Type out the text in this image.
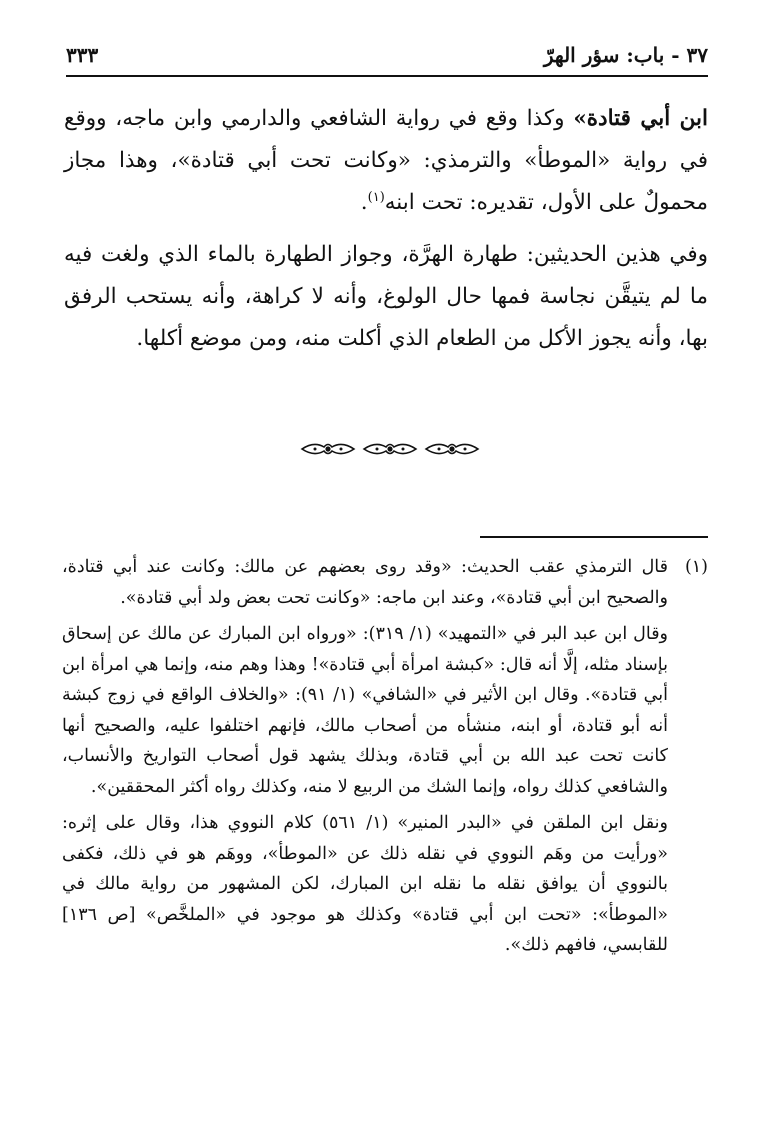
٣٧ - باب: سؤر الهرّ
٣٣٣

ابن أبي قتادة» وكذا وقع في رواية الشافعي والدارمي وابن ماجه، ووقع في رواية «الموطأ» والترمذي: «وكانت تحت أبي قتادة»، وهذا مجاز محمولٌ على الأول، تقديره: تحت ابنه$^{(١)}$.

وفي هذين الحديثين: طهارة الهرَّة، وجواز الطهارة بالماء الذي ولغت فيه ما لم يتيقَّن نجاسة فمها حال الولوغ، وأنه لا كراهة، وأنه يستحب الرفق بها، وأنه يجوز الأكل من الطعام الذي أكلت منه، ومن موضع أكلها.

(١)

قال الترمذي عقب الحديث: «وقد روى بعضهم عن مالك: وكانت عند أبي قتادة، والصحيح ابن أبي قتادة»، وعند ابن ماجه: «وكانت تحت بعض ولد أبي قتادة».

وقال ابن عبد البر في «التمهيد» (١/ ٣١٩): «ورواه ابن المبارك عن مالك عن إسحاق بإسناد مثله، إلَّا أنه قال: «كبشة امرأة أبي قتادة»! وهذا وهم منه، وإنما هي امرأة ابن أبي قتادة». وقال ابن الأثير في «الشافي» (١/ ٩١): «والخلاف الواقع في زوج كبشة أنه أبو قتادة، أو ابنه، منشأه من أصحاب مالك، فإنهم اختلفوا عليه، والصحيح أنها كانت تحت عبد الله بن أبي قتادة، وبذلك يشهد قول أصحاب التواريخ والأنساب، والشافعي كذلك رواه، وإنما الشك من الربيع لا منه، وكذلك رواه أكثر المحققين».

ونقل ابن الملقن في «البدر المنير» (١/ ٥٦١) كلام النووي هذا، وقال على إثره: «ورأيت من وهَم النووي في نقله ذلك عن «الموطأ»، ووهَم هو في ذلك، فكفى بالنووي أن يوافق نقله ما نقله ابن المبارك، لكن المشهور من رواية مالك في «الموطأ»: «تحت ابن أبي قتادة» وكذلك هو موجود في «الملخَّص» [ص ١٣٦] للقابسي، فافهم ذلك».
